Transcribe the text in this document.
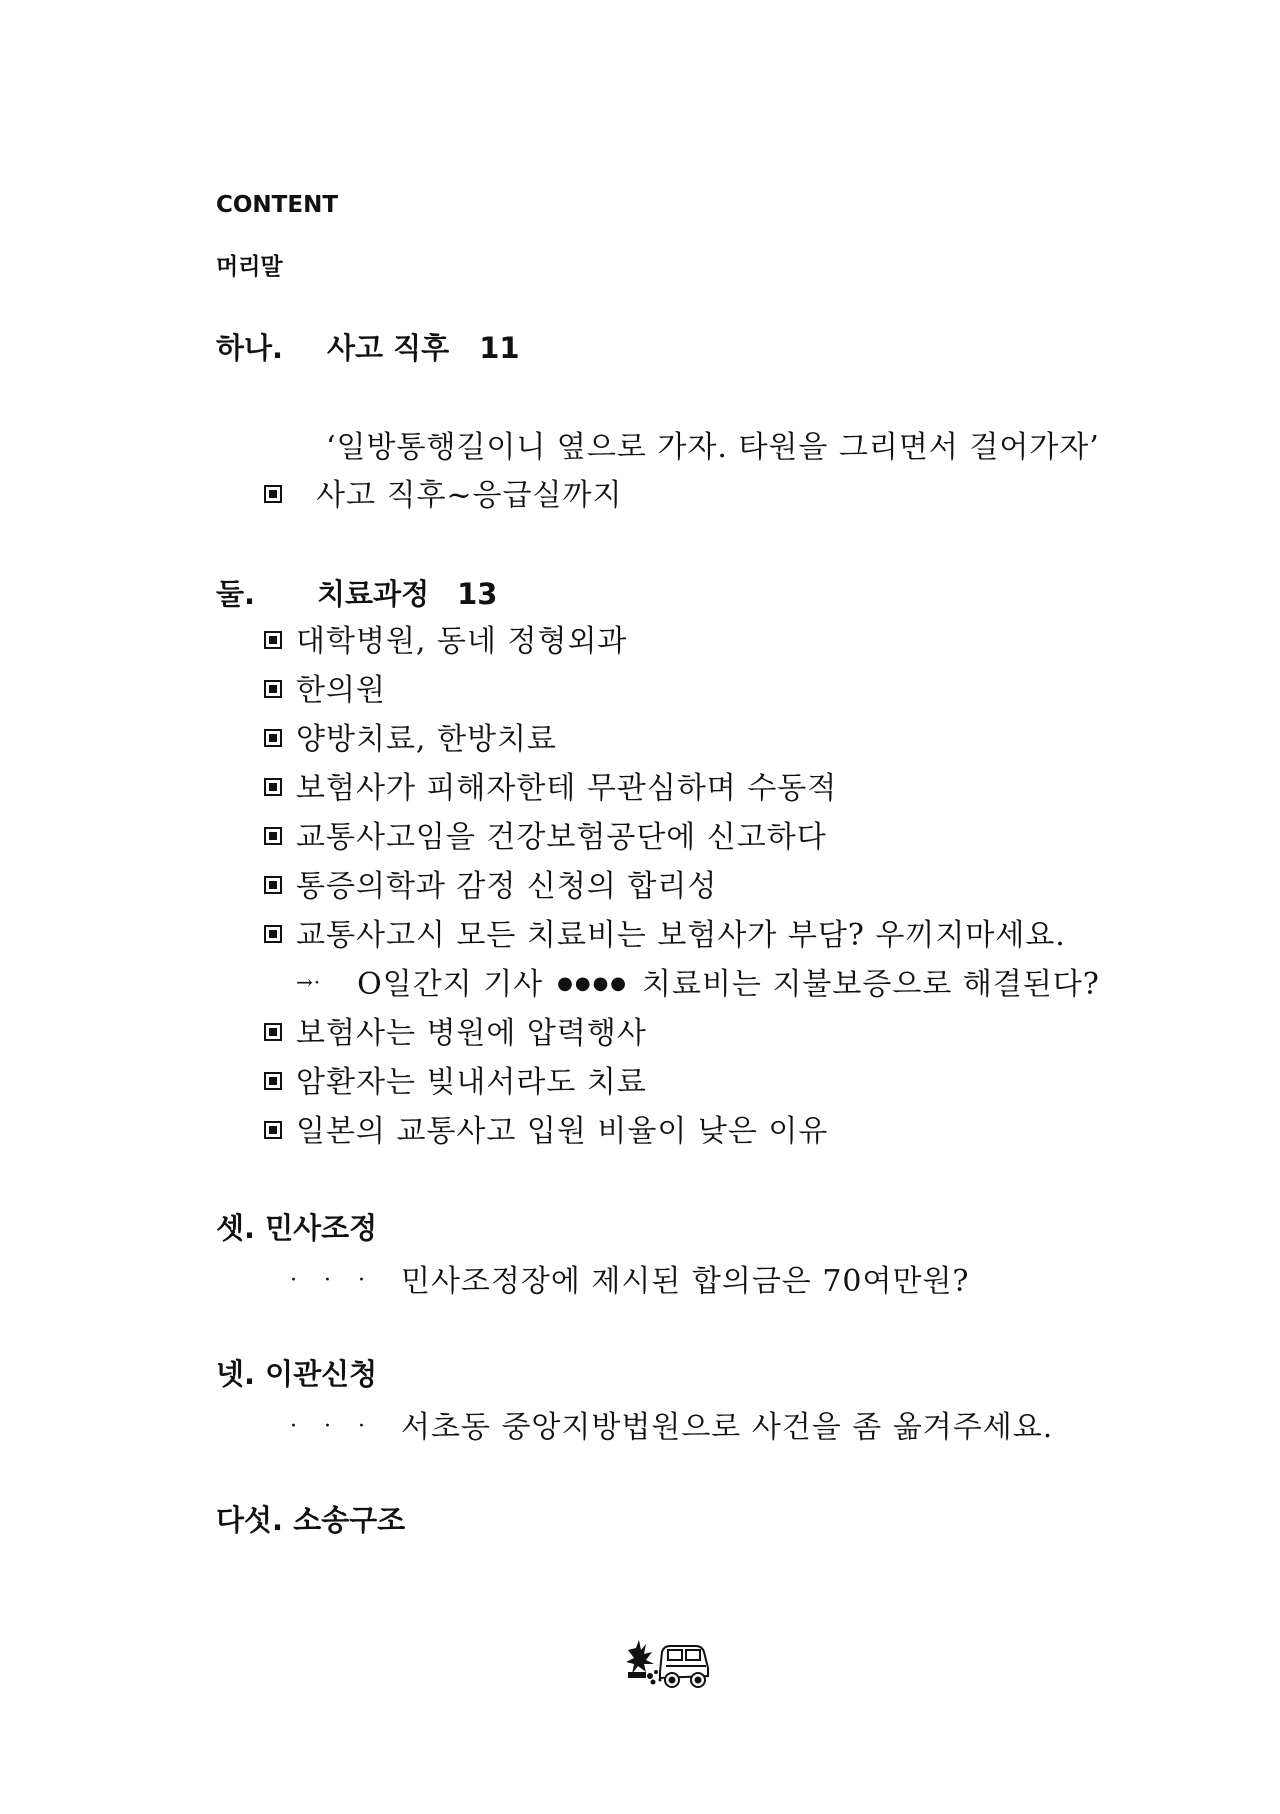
CONTENT
머리말
하나. 사고 직후 11
‘일방통행길이니 옆으로 가자. 타원을 그리면서 걸어가자’
사고 직후~응급실까지
둘. 치료과정 13
대학병원, 동네 정형외과
한의원
양방치료, 한방치료
보험사가 피해자한테 무관심하며 수동적
교통사고임을 건강보험공단에 신고하다
통증의학과 감정 신청의 합리성
교통사고시 모든 치료비는 보험사가 부담? 우끼지마세요.
→· O일간지 기사 ●●●● 치료비는 지불보증으로 해결된다?
보험사는 병원에 압력행사
암환자는 빚내서라도 치료
일본의 교통사고 입원 비율이 낮은 이유
셋. 민사조정
· · · 민사조정장에 제시된 합의금은 70여만원?
넷. 이관신청
· · · 서초동 중앙지방법원으로 사건을 좀 옮겨주세요.
다섯. 소송구조
